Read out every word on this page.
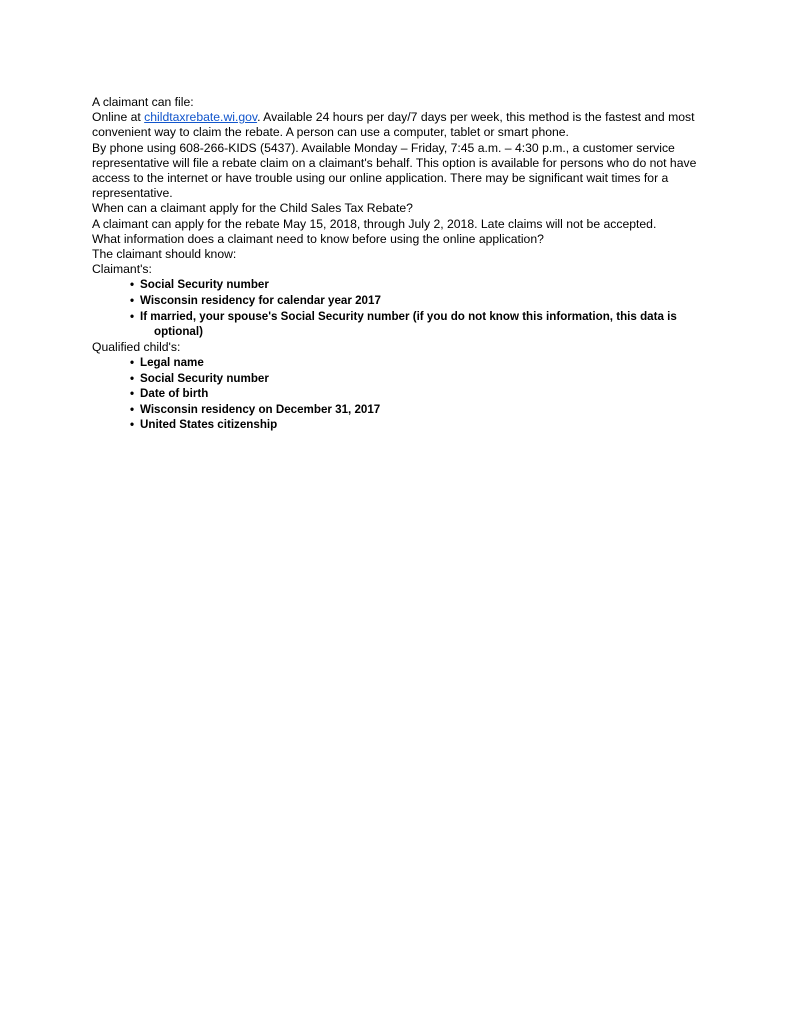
A claimant can file:

Online at childtaxrebate.wi.gov. Available 24 hours per day/7 days per week, this method is the fastest and most convenient way to claim the rebate. A person can use a computer, tablet or smart phone.

By phone using 608-266-KIDS (5437). Available Monday – Friday, 7:45 a.m. – 4:30 p.m., a customer service representative will file a rebate claim on a claimant's behalf. This option is available for persons who do not have access to the internet or have trouble using our online application. There may be significant wait times for a representative.

When can a claimant apply for the Child Sales Tax Rebate?

A claimant can apply for the rebate May 15, 2018, through July 2, 2018. Late claims will not be accepted.

What information does a claimant need to know before using the online application?

The claimant should know:

Claimant's:

• Social Security number
• Wisconsin residency for calendar year 2017
• If married, your spouse's Social Security number (if you do not know this information, this data is
optional)

Qualified child's:

• Legal name
• Social Security number
• Date of birth
• Wisconsin residency on December 31, 2017
• United States citizenship
